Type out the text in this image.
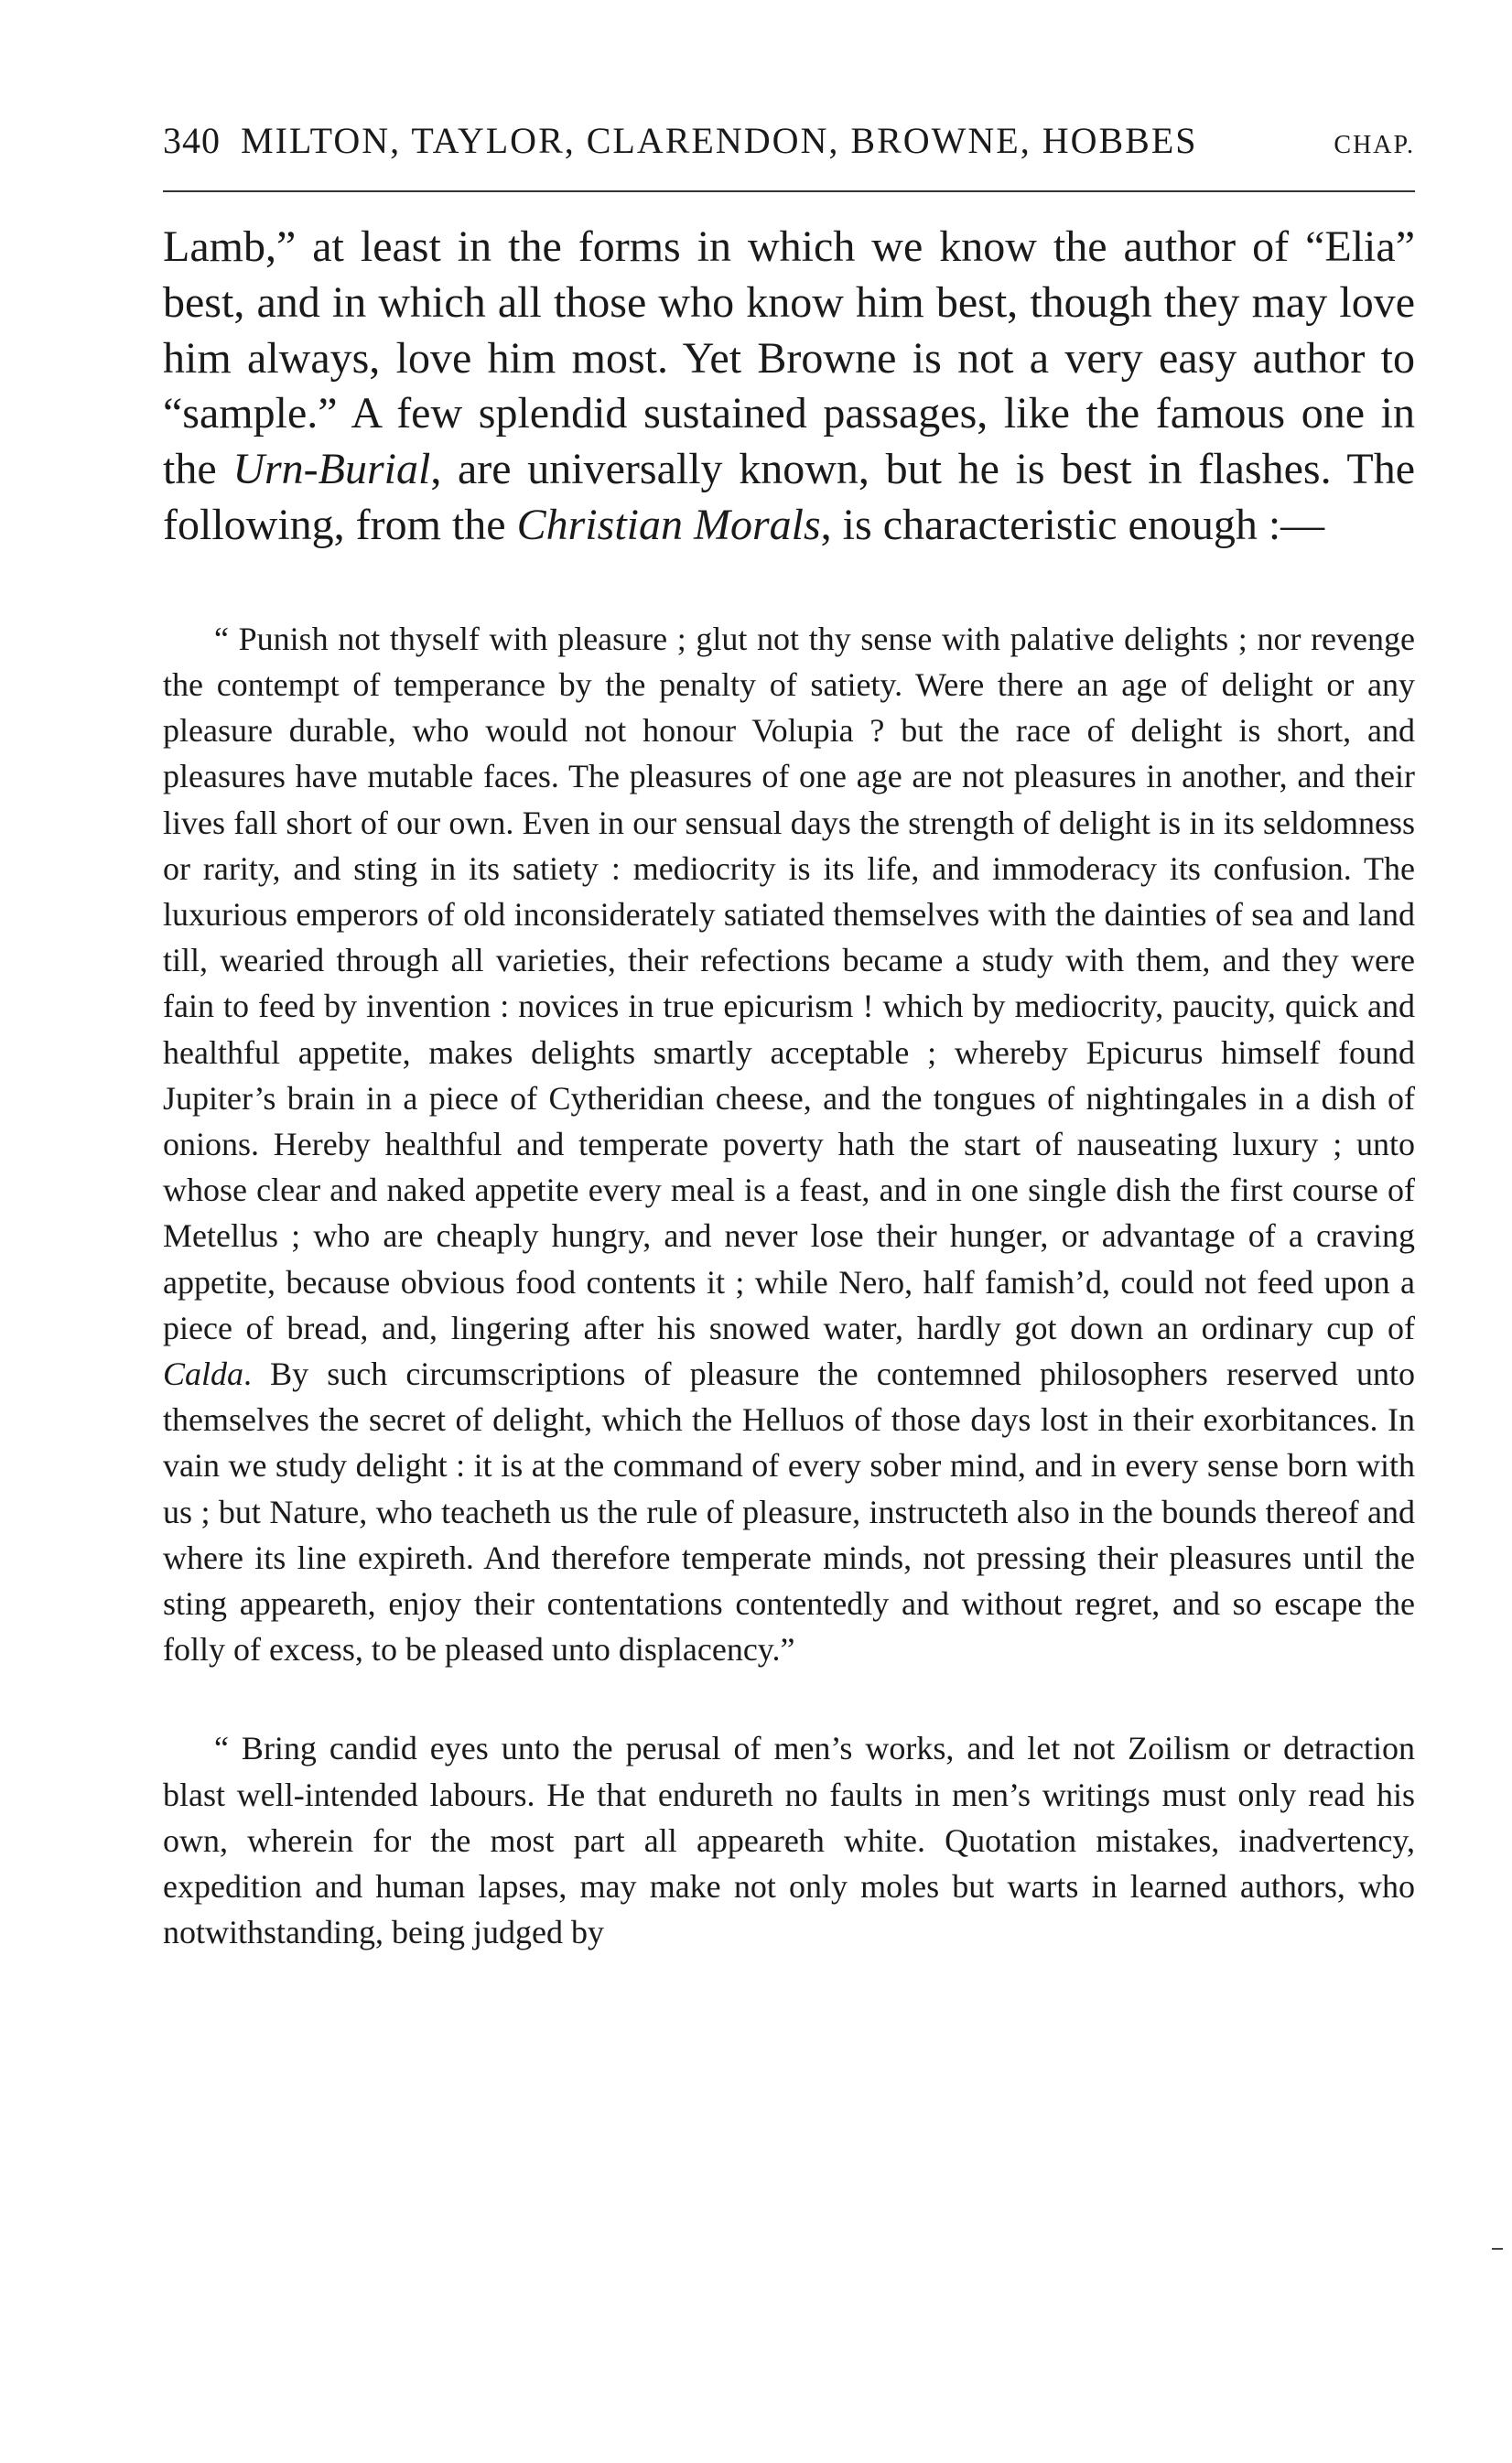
340 MILTON, TAYLOR, CLARENDON, BROWNE, HOBBES	CHAP.

Lamb,” at least in the forms in which we know the author of “Elia” best, and in which all those who know him best, though they may love him always, love him most. Yet Browne is not a very easy author to “sample.” A few splendid sustained passages, like the famous one in the Urn-Burial, are universally known, but he is best in flashes. The following, from the Christian Morals, is characteristic enough :—

“ Punish not thyself with pleasure ; glut not thy sense with palative delights ; nor revenge the contempt of temperance by the penalty of satiety. Were there an age of delight or any pleasure durable, who would not honour Volupia ? but the race of delight is short, and pleasures have mutable faces. The pleasures of one age are not pleasures in another, and their lives fall short of our own. Even in our sensual days the strength of delight is in its seldomness or rarity, and sting in its satiety : mediocrity is its life, and immoderacy its confusion. The luxurious emperors of old inconsiderately satiated themselves with the dainties of sea and land till, wearied through all varieties, their refections became a study with them, and they were fain to feed by invention : novices in true epicurism ! which by mediocrity, paucity, quick and healthful appetite, makes delights smartly acceptable ; whereby Epicurus himself found Jupiter’s brain in a piece of Cytheridian cheese, and the tongues of nightingales in a dish of onions. Hereby healthful and temperate poverty hath the start of nauseating luxury ; unto whose clear and naked appetite every meal is a feast, and in one single dish the first course of Metellus ; who are cheaply hungry, and never lose their hunger, or advantage of a craving appetite, because obvious food contents it ; while Nero, half famish’d, could not feed upon a piece of bread, and, lingering after his snowed water, hardly got down an ordinary cup of Calda. By such circumscriptions of pleasure the contemned philosophers reserved unto themselves the secret of delight, which the Helluos of those days lost in their exorbitances. In vain we study delight : it is at the command of every sober mind, and in every sense born with us ; but Nature, who teacheth us the rule of pleasure, instructeth also in the bounds thereof and where its line expireth. And therefore temperate minds, not pressing their pleasures until the sting appeareth, enjoy their contentations contentedly and without regret, and so escape the folly of excess, to be pleased unto displacency.”

“ Bring candid eyes unto the perusal of men’s works, and let not Zoilism or detraction blast well-intended labours. He that endureth no faults in men’s writings must only read his own, wherein for the most part all appeareth white. Quotation mistakes, inadvertency, expedition and human lapses, may make not only moles but warts in learned authors, who notwithstanding, being judged by
